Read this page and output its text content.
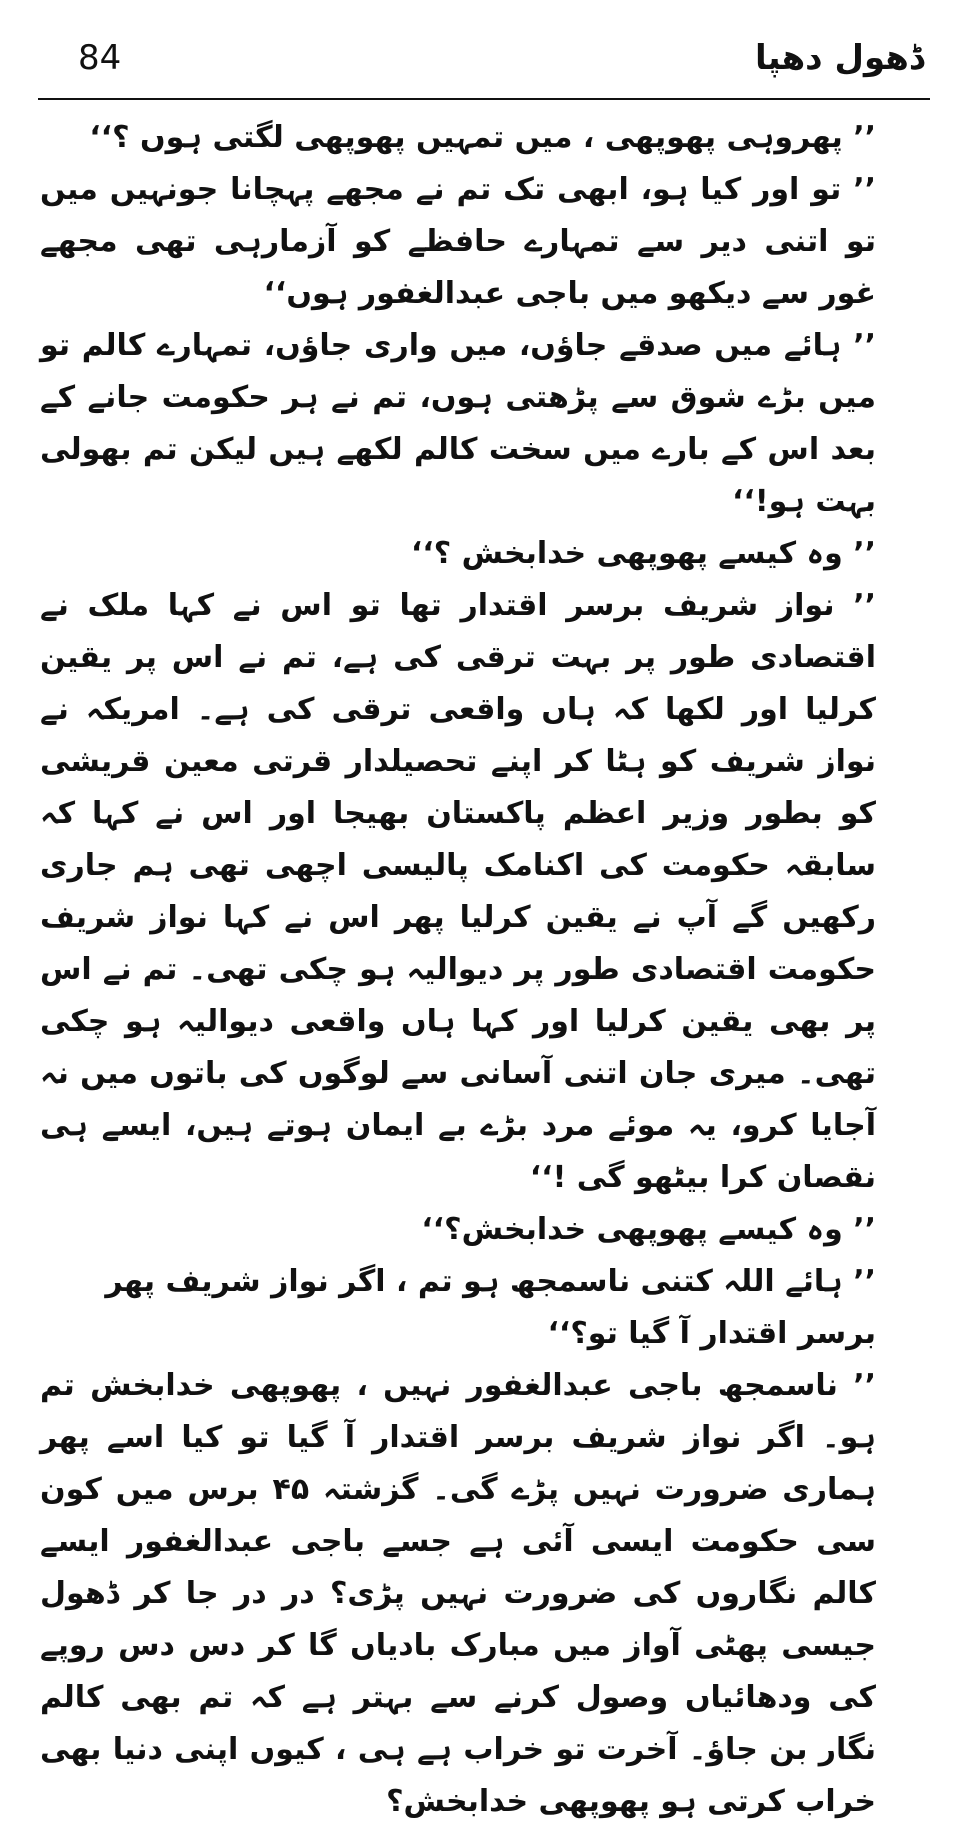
84	ڈھول دھپا

’’ پھروہی پھوپھی ، میں تمہیں پھوپھی لگتی ہوں ؟‘‘

’’ تو اور کیا ہو، ابھی تک تم نے مجھے پہچانا جونہیں میں تو اتنی دیر سے تمہارے حافظے کو آزمارہی تھی مجھے غور سے دیکھو میں باجی عبدالغفور ہوں‘‘

’’ ہائے میں صدقے جاؤں، میں واری جاؤں، تمہارے کالم تو میں بڑے شوق سے پڑھتی ہوں، تم نے ہر حکومت جانے کے بعد اس کے بارے میں سخت کالم لکھے ہیں لیکن تم بھولی بہت ہو!‘‘

’’ وہ کیسے پھوپھی خدابخش ؟‘‘

’’ نواز شریف برسر اقتدار تھا تو اس نے کہا ملک نے اقتصادی طور پر بہت ترقی کی ہے، تم نے اس پر یقین کرلیا اور لکھا کہ ہاں واقعی ترقی کی ہے۔ امریکہ نے نواز شریف کو ہٹا کر اپنے تحصیلدار قرتی معین قریشی کو بطور وزیر اعظم پاکستان بھیجا اور اس نے کہا کہ سابقہ حکومت کی اکنامک پالیسی اچھی تھی ہم جاری رکھیں گے آپ نے یقین کرلیا پھر اس نے کہا نواز شریف حکومت اقتصادی طور پر دیوالیہ ہو چکی تھی۔ تم نے اس پر بھی یقین کرلیا اور کہا ہاں واقعی دیوالیہ ہو چکی تھی۔ میری جان اتنی آسانی سے لوگوں کی باتوں میں نہ آجایا کرو، یہ موئے مرد بڑے بے ایمان ہوتے ہیں، ایسے ہی نقصان کرا بیٹھو گی !‘‘

’’ وہ کیسے پھوپھی خدابخش؟‘‘

’’ ہائے اللہ کتنی ناسمجھ ہو تم ، اگر نواز شریف پھر برسر اقتدار آ گیا تو؟‘‘

’’ ناسمجھ باجی عبدالغفور نہیں ، پھوپھی خدابخش تم ہو۔ اگر نواز شریف برسر اقتدار آ گیا تو کیا اسے پھر ہماری ضرورت نہیں پڑے گی۔ گزشتہ ۴۵ برس میں کون سی حکومت ایسی آئی ہے جسے باجی عبدالغفور ایسے کالم نگاروں کی ضرورت نہیں پڑی؟ در در جا کر ڈھول جیسی پھٹی آواز میں مبارک بادیاں گا کر دس دس روپے کی ودھائیاں وصول کرنے سے بہتر ہے کہ تم بھی کالم نگار بن جاؤ۔ آخرت تو خراب ہے ہی ، کیوں اپنی دنیا بھی خراب کرتی ہو پھوپھی خدابخش؟
